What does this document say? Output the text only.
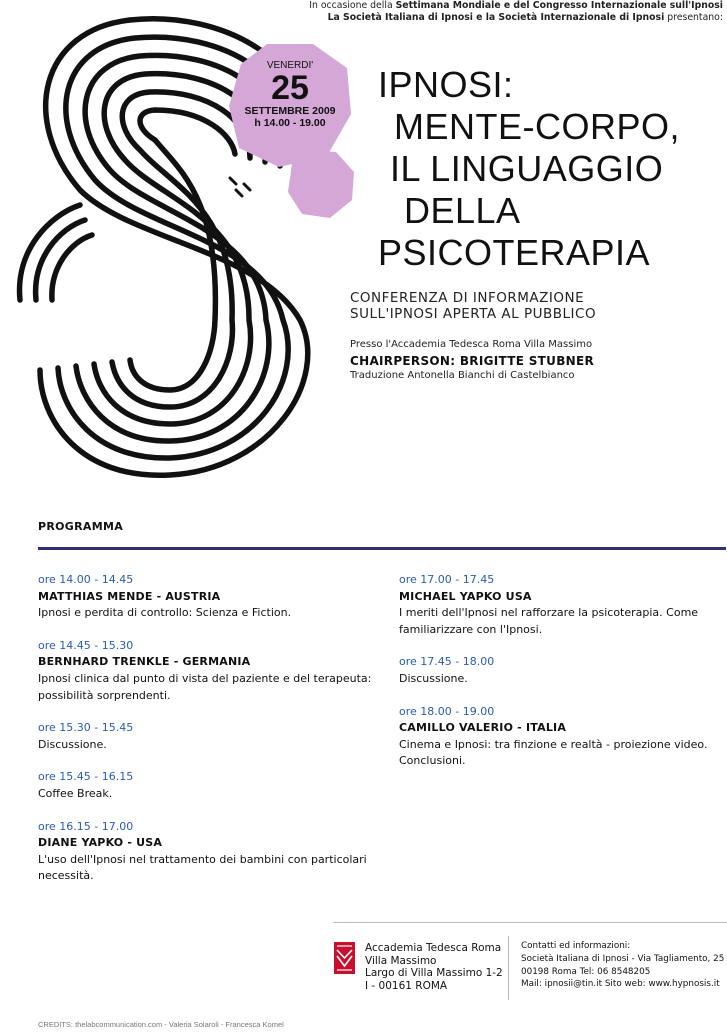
In occasione della Settimana Mondiale e del Congresso Internazionale sull'Ipnosi
La Società Italiana di Ipnosi e la Società Internazionale di Ipnosi presentano:
VENERDI'
25
SETTEMBRE 2009
h 14.00 - 19.00
IPNOSI:
MENTE-CORPO,
IL LINGUAGGIO
DELLA
PSICOTERAPIA
CONFERENZA DI INFORMAZIONE
SULL'IPNOSI APERTA AL PUBBLICO
Presso l'Accademia Tedesca Roma Villa Massimo
CHAIRPERSON: BRIGITTE STUBNER
Traduzione Antonella Bianchi di Castelbianco
PROGRAMMA
ore 14.00 - 14.45
MATTHIAS MENDE - AUSTRIA
Ipnosi e perdita di controllo: Scienza e Fiction.
ore 14.45 - 15.30
BERNHARD TRENKLE - GERMANIA
Ipnosi clinica dal punto di vista del paziente e del terapeuta: possibilità sorprendenti.
ore 15.30 - 15.45
Discussione.
ore 15.45 - 16.15
Coffee Break.
ore 16.15 - 17.00
DIANE YAPKO - USA
L'uso dell'Ipnosi nel trattamento dei bambini con particolari necessità.
ore 17.00 - 17.45
MICHAEL YAPKO USA
I meriti dell'Ipnosi nel rafforzare la psicoterapia. Come familiarizzare con l'Ipnosi.
ore 17.45 - 18.00
Discussione.
ore 18.00 - 19.00
CAMILLO VALERIO - ITALIA
Cinema e Ipnosi: tra finzione e realtà - proiezione video. Conclusioni.
Accademia Tedesca Roma
Villa Massimo
Largo di Villa Massimo 1-2
I - 00161 ROMA
Contatti ed informazioni:
Società Italiana di Ipnosi - Via Tagliamento, 25
00198 Roma Tel: 06 8548205
Mail: ipnosii@tin.it Sito web: www.hypnosis.it
CREDITS: thelabcommunication.com - Valeria Solaroli - Francesca Komel
